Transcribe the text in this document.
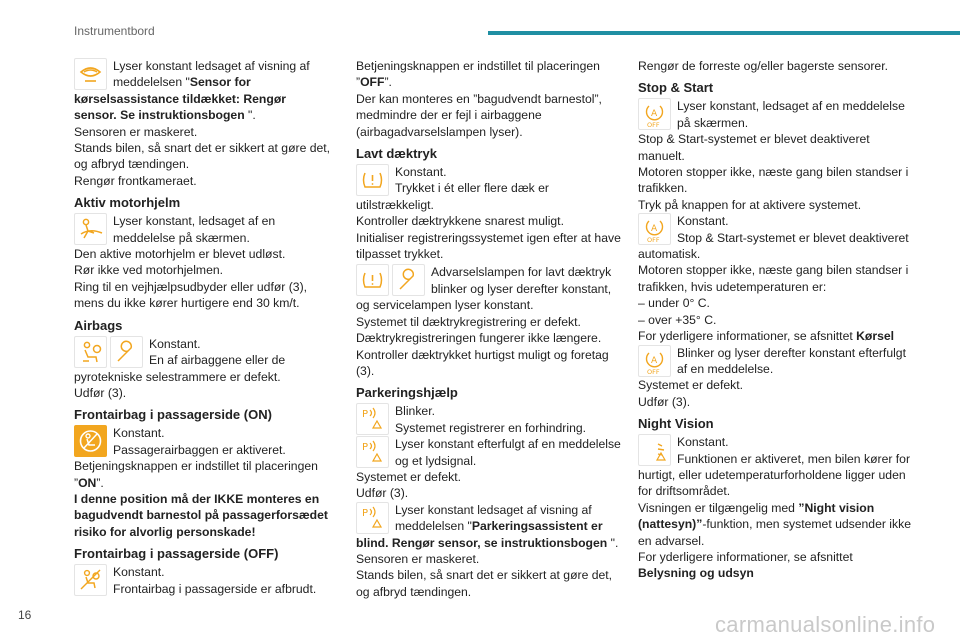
Instrumentbord
Lyser konstant ledsaget af visning af meddelelsen "Sensor for kørselsassistance tildækket: Rengør sensor. Se instruktionsbogen ".

Sensoren er maskeret.

Stands bilen, så snart det er sikkert at gøre det, og afbryd tændingen.

Rengør frontkameraet.

Aktiv motorhjelm
Lyser konstant, ledsaget af en meddelelse på skærmen.

Den aktive motorhjelm er blevet udløst.

Rør ikke ved motorhjelmen.

Ring til en vejhjælpsudbyder eller udfør (3), mens du ikke kører hurtigere end 30 km/t.

Airbags
Konstant.
En af airbaggene eller de pyrotekniske selestrammere er defekt.

Udfør (3).

Frontairbag i passagerside (ON)
Konstant.
Passagerairbaggen er aktiveret.

Betjeningsknappen er indstillet til placeringen ”ON”.

I denne position må der IKKE monteres en bagudvendt barnestol på passagerforsædet risiko for alvorlig personskade!

Frontairbag i passagerside (OFF)
Konstant.
Frontairbag i passagerside er afbrudt.

Betjeningsknappen er indstillet til placeringen ”OFF”.

Der kan monteres en ”bagudvendt barnestol”, medmindre der er fejl i airbaggene (airbagadvarselslampen lyser).

Lavt dæktryk
Konstant.
Trykket i ét eller flere dæk er utilstrækkeligt.

Kontroller dæktrykkene snarest muligt.

Initialiser registreringssystemet igen efter at have tilpasset trykket.

Advarselslampen for lavt dæktryk blinker og lyser derefter konstant, og servicelampen lyser konstant.

Systemet til dæktrykregistrering er defekt.

Dæktrykregistreringen fungerer ikke længere.

Kontroller dæktrykket hurtigst muligt og foretag (3).

Parkeringshjælp
P Blinker.
Systemet registrerer en forhindring.
P Lyser konstant efterfulgt af en meddelelse og et lydsignal.

Systemet er defekt.

Udfør (3).

P Lyser konstant ledsaget af visning af meddelelsen "Parkeringsassistent er blind. Rengør sensor, se instruktionsbogen ".

Sensoren er maskeret.

Stands bilen, så snart det er sikkert at gøre det, og afbryd tændingen.

Rengør de forreste og/eller bagerste sensorer.

Stop & Start
A
OFF
Lyser konstant, ledsaget af en meddelelse på skærmen.

Stop & Start-systemet er blevet deaktiveret manuelt.

Motoren stopper ikke, næste gang bilen standser i trafikken.

Tryk på knappen for at aktivere systemet.

A
OFF
Konstant.
Stop & Start-systemet er blevet deaktiveret automatisk.

Motoren stopper ikke, næste gang bilen standser i trafikken, hvis udetemperaturen er:

– under 0° C.

– over +35° C.

For yderligere informationer, se afsnittet Kørsel

A
OFF
Blinker og lyser derefter konstant efterfulgt af en meddelelse.

Systemet er defekt.

Udfør (3).

Night Vision
Konstant.
Funktionen er aktiveret, men bilen kører for hurtigt, eller udetemperaturforholdene ligger uden for driftsområdet.

Visningen er tilgængelig med ”Night vision (nattesyn)”-funktion, men systemet udsender ikke en advarsel.

For yderligere informationer, se afsnittet

Belysning og udsyn

16	carmanualsonline.info
